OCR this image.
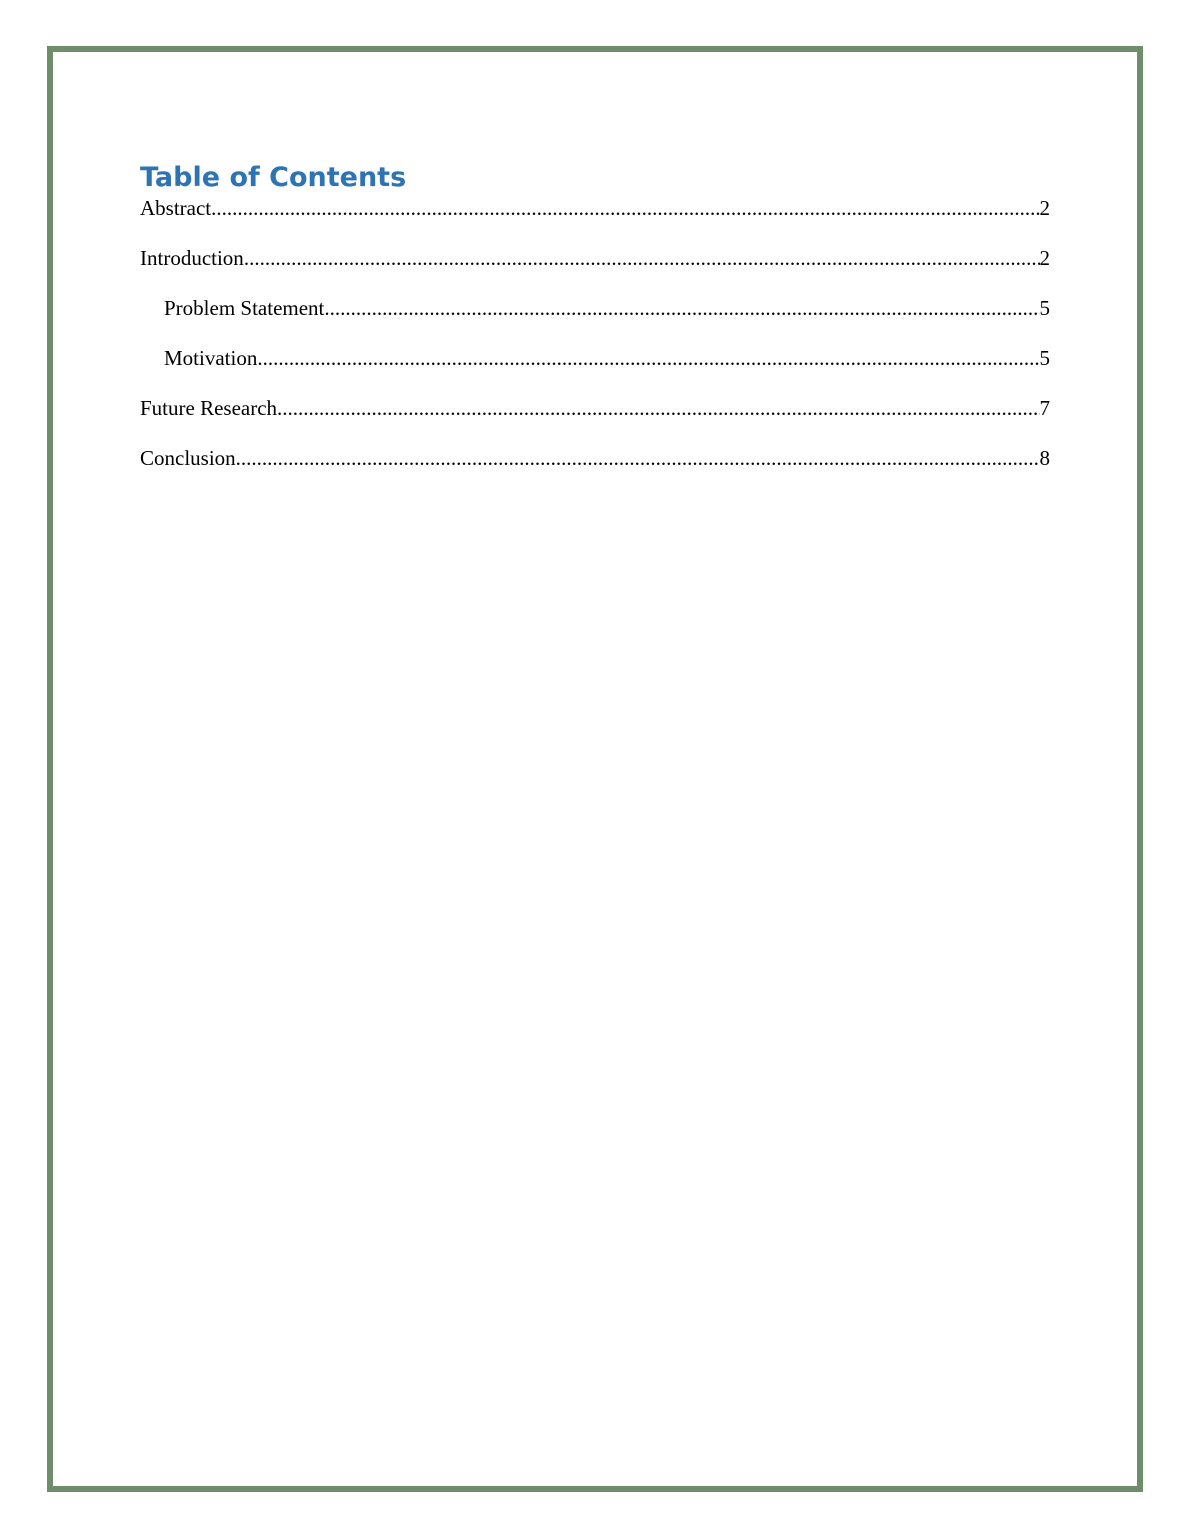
Table of Contents
Abstract .....	2
Introduction .....	2
Problem Statement .....	5
Motivation .....	5
Future Research .....	7
Conclusion .....	8
